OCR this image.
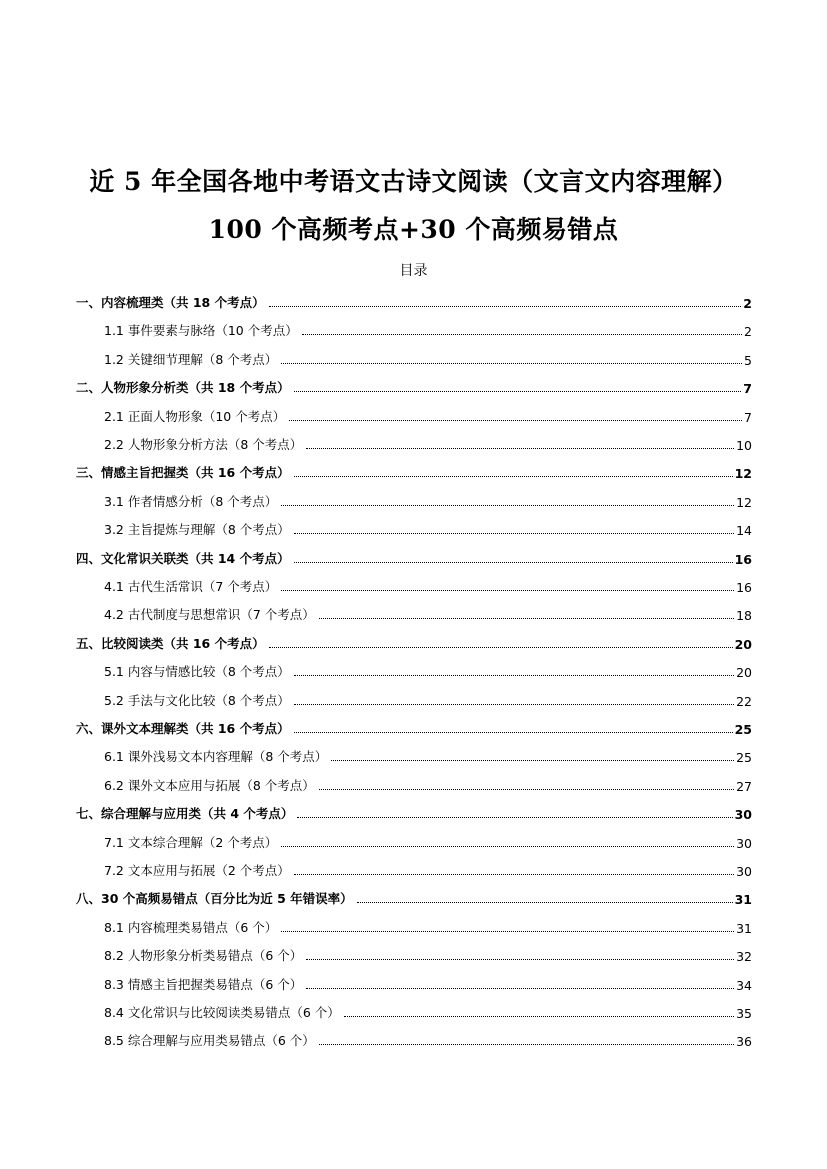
近 5 年全国各地中考语文古诗文阅读（文言文内容理解）
100 个高频考点+30 个高频易错点
目录
一、内容梳理类（共 18 个考点）	2
1.1 事件要素与脉络（10 个考点）	2
1.2 关键细节理解（8 个考点）	5
二、人物形象分析类（共 18 个考点）	7
2.1 正面人物形象（10 个考点）	7
2.2 人物形象分析方法（8 个考点）	10
三、情感主旨把握类（共 16 个考点）	12
3.1 作者情感分析（8 个考点）	12
3.2 主旨提炼与理解（8 个考点）	14
四、文化常识关联类（共 14 个考点）	16
4.1 古代生活常识（7 个考点）	16
4.2 古代制度与思想常识（7 个考点）	18
五、比较阅读类（共 16 个考点）	20
5.1 内容与情感比较（8 个考点）	20
5.2 手法与文化比较（8 个考点）	22
六、课外文本理解类（共 16 个考点）	25
6.1 课外浅易文本内容理解（8 个考点）	25
6.2 课外文本应用与拓展（8 个考点）	27
七、综合理解与应用类（共 4 个考点）	30
7.1 文本综合理解（2 个考点）	30
7.2 文本应用与拓展（2 个考点）	30
八、30 个高频易错点（百分比为近 5 年错误率）	31
8.1 内容梳理类易错点（6 个）	31
8.2 人物形象分析类易错点（6 个）	32
8.3 情感主旨把握类易错点（6 个）	34
8.4 文化常识与比较阅读类易错点（6 个）	35
8.5 综合理解与应用类易错点（6 个）	36
